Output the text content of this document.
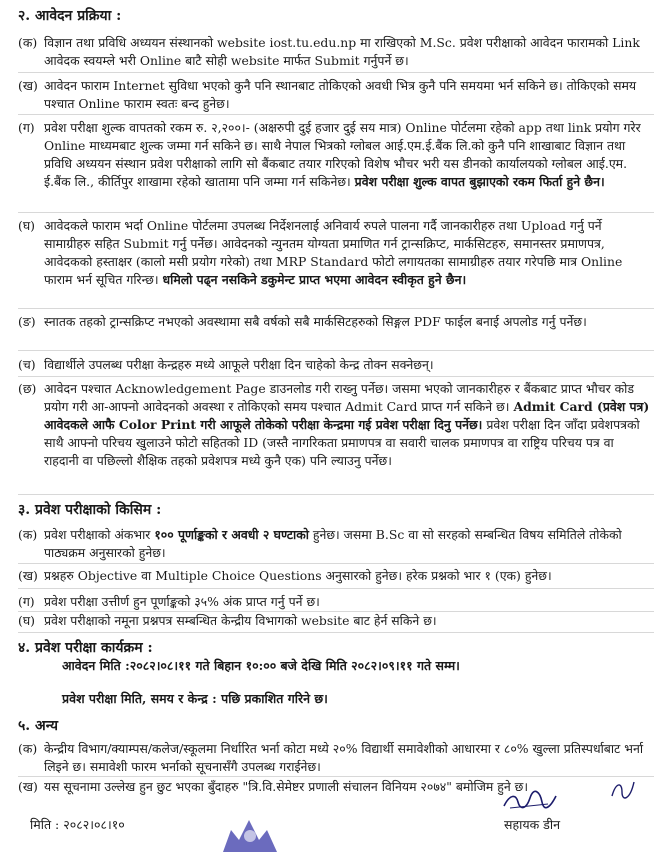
२. आवेदन प्रक्रिया :
(क) विज्ञान तथा प्रविधि अध्ययन संस्थानको website iost.tu.edu.np मा राखिएको M.Sc. प्रवेश परीक्षाको आवेदन फारामको Link आवेदक स्वयम्ले भरी Online बाटै सोही website मार्फत Submit गर्नुपर्ने छ।
(ख) आवेदन फाराम Internet सुविधा भएको कुनै पनि स्थानबाट तोकिएको अवधी भित्र कुनै पनि समयमा भर्न सकिने छ। तोकिएको समय पश्चात Online फाराम स्वतः बन्द हुनेछ।
(ग) प्रवेश परीक्षा शुल्क वापतको रकम रु. २,२००।- (अक्षरुपी दुई हजार दुई सय मात्र) Online पोर्टलमा रहेको app तथा link प्रयोग गरेर Online माध्यमबाट शुल्क जम्मा गर्न सकिने छ। साथै नेपाल भित्रको ग्लोबल आई.एम.ई.बैंक लि.को कुनै पनि शाखाबाट विज्ञान तथा प्रविधि अध्ययन संस्थान प्रवेश परीक्षाको लागि सो बैंकबाट तयार गरिएको विशेष भौचर भरी यस डीनको कार्यालयको ग्लोबल आई.एम. ई.बैंक लि., कीर्तिपुर शाखामा रहेको खातामा पनि जम्मा गर्न सकिनेछ। प्रवेश परीक्षा शुल्क वापत बुझाएको रकम फिर्ता हुने छैन।
(घ) आवेदकले फाराम भर्दा Online पोर्टलमा उपलब्ध निर्देशनलाई अनिवार्य रुपले पालना गर्दै जानकारीहरु तथा Upload गर्नु पर्ने सामाग्रीहरु सहित Submit गर्नु पर्नेछ। आवेदनको न्युनतम योग्यता प्रमाणित गर्न ट्रान्सक्रिप्ट, मार्कसिटहरु, समानस्तर प्रमाणपत्र, आवेदकको हस्ताक्षर (कालो मसी प्रयोग गरेको) तथा MRP Standard फोटो लगायतका सामाग्रीहरु तयार गरेपछि मात्र Online फाराम भर्न सूचित गरिन्छ। धमिलो पढ्न नसकिने डकुमेन्ट प्राप्त भएमा आवेदन स्वीकृत हुने छैन।
(ङ) स्नातक तहको ट्रान्सक्रिप्ट नभएको अवस्थामा सबै वर्षको सबै मार्कसिटहरुको सिङ्गल PDF फाईल बनाई अपलोड गर्नु पर्नेछ।
(च) विद्यार्थीले उपलब्ध परीक्षा केन्द्रहरु मध्ये आफूले परीक्षा दिन चाहेको केन्द्र तोक्न सक्नेछन्।
(छ) आवेदन पश्चात Acknowledgement Page डाउनलोड गरी राख्नु पर्नेछ। जसमा भएको जानकारीहरु र बैंकबाट प्राप्त भौचर कोड प्रयोग गरी आ-आफ्नो आवेदनको अवस्था र तोकिएको समय पश्चात Admit Card प्राप्त गर्न सकिने छ। Admit Card (प्रवेश पत्र) आवेदकले आफै Color Print गरी आफूले तोकेको परीक्षा केन्द्रमा गई प्रवेश परीक्षा दिनु पर्नेछ। प्रवेश परीक्षा दिन जाँदा प्रवेशपत्रको साथै आफ्नो परिचय खुलाउने फोटो सहितको ID (जस्तै नागरिकता प्रमाणपत्र वा सवारी चालक प्रमाणपत्र वा राष्ट्रिय परिचय पत्र वा राहदानी वा पछिल्लो शैक्षिक तहको प्रवेशपत्र मध्ये कुनै एक) पनि ल्याउनु पर्नेछ।
३. प्रवेश परीक्षाको किसिम :
(क) प्रवेश परीक्षाको अंकभार १०० पूर्णाङ्कको र अवधी २ घण्टाको हुनेछ। जसमा B.Sc वा सो सरहको सम्बन्धित विषय समितिले तोकेको पाठ्यक्रम अनुसारको हुनेछ।
(ख) प्रश्नहरु Objective वा Multiple Choice Questions अनुसारको हुनेछ। हरेक प्रश्नको भार १ (एक) हुनेछ।
(ग) प्रवेश परीक्षा उत्तीर्ण हुन पूर्णाङ्कको ३५% अंक प्राप्त गर्नु पर्ने छ।
(घ) प्रवेश परीक्षाको नमूना प्रश्नपत्र सम्बन्धित केन्द्रीय विभागको website बाट हेर्न सकिने छ।
४. प्रवेश परीक्षा कार्यक्रम :
आवेदन मिति :२०८२।०८।११ गते बिहान १०:०० बजे देखि मिति २०८२।०९।११ गते सम्म।
प्रवेश परीक्षा मिति, समय र केन्द्र : पछि प्रकाशित गरिने छ।
५. अन्य
(क) केन्द्रीय विभाग/क्याम्पस/कलेज/स्कूलमा निर्धारित भर्ना कोटा मध्ये २०% विद्यार्थी समावेशीको आधारमा र ८०% खुल्ला प्रतिस्पर्धाबाट भर्ना लिइने छ। समावेशी फारम भर्नाको सूचनासँगै उपलब्ध गराईनेछ।
(ख) यस सूचनामा उल्लेख हुन छुट भएका बुँदाहरु "त्रि.वि.सेमेष्टर प्रणाली संचालन विनियम २०७४" बमोजिम हुने छ।
मिति : २०८२।०८।१०	सहायक डीन
